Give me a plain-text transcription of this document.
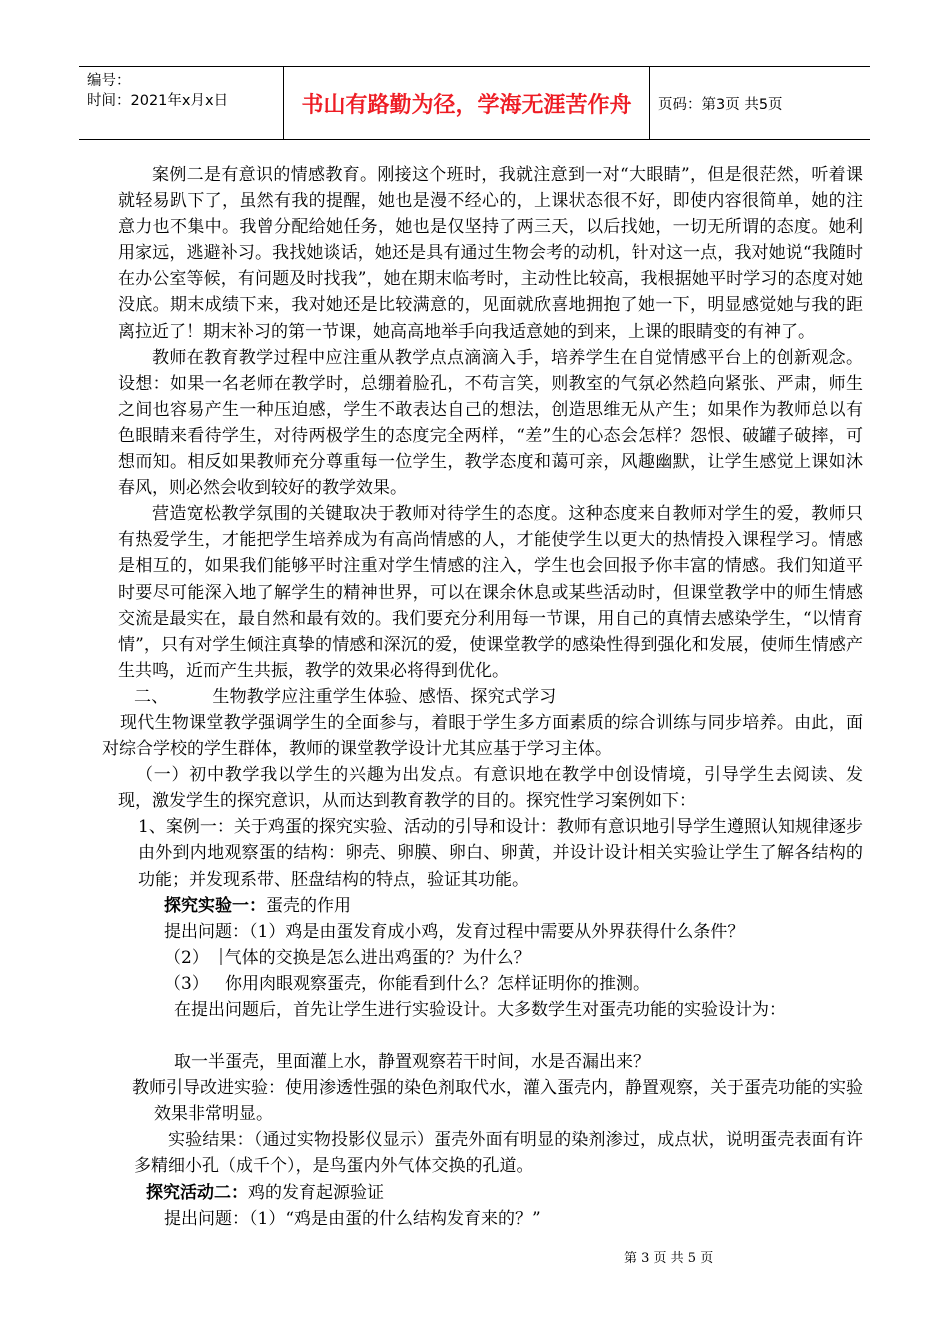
编号：
时间：2021年x月x日	书山有路勤为径，学海无涯苦作舟	页码：第3页 共5页

案例二是有意识的情感教育。刚接这个班时，我就注意到一对“大眼睛”，但是很茫然，听着课就轻易趴下了，虽然有我的提醒，她也是漫不经心的，上课状态很不好，即使内容很简单，她的注意力也不集中。我曾分配给她任务，她也是仅坚持了两三天，以后找她，一切无所谓的态度。她利用家远，逃避补习。我找她谈话，她还是具有通过生物会考的动机，针对这一点，我对她说“我随时在办公室等候，有问题及时找我”，她在期末临考时，主动性比较高，我根据她平时学习的态度对她没底。期末成绩下来，我对她还是比较满意的，见面就欣喜地拥抱了她一下，明显感觉她与我的距离拉近了！期末补习的第一节课，她高高地举手向我适意她的到来，上课的眼睛变的有神了。

教师在教育教学过程中应注重从教学点点滴滴入手，培养学生在自觉情感平台上的创新观念。设想：如果一名老师在教学时，总绷着脸孔，不苟言笑，则教室的气氛必然趋向紧张、严肃，师生之间也容易产生一种压迫感，学生不敢表达自己的想法，创造思维无从产生；如果作为教师总以有色眼睛来看待学生，对待两极学生的态度完全两样，“差”生的心态会怎样？怨恨、破罐子破摔，可想而知。相反如果教师充分尊重每一位学生，教学态度和蔼可亲，风趣幽默，让学生感觉上课如沐春风，则必然会收到较好的教学效果。

营造宽松教学氛围的关键取决于教师对待学生的态度。这种态度来自教师对学生的爱，教师只有热爱学生，才能把学生培养成为有高尚情感的人，才能使学生以更大的热情投入课程学习。情感是相互的，如果我们能够平时注重对学生情感的注入，学生也会回报予你丰富的情感。我们知道平时要尽可能深入地了解学生的精神世界，可以在课余休息或某些活动时，但课堂教学中的师生情感交流是最实在，最自然和最有效的。我们要充分利用每一节课，用自己的真情去感染学生，“以情育情”，只有对学生倾注真挚的情感和深沉的爱，使课堂教学的感染性得到强化和发展，使师生情感产生共鸣，近而产生共振，教学的效果必将得到优化。

二、	生物教学应注重学生体验、感悟、探究式学习

现代生物课堂教学强调学生的全面参与，着眼于学生多方面素质的综合训练与同步培养。由此，面对综合学校的学生群体，教师的课堂教学设计尤其应基于学习主体。

（一）初中教学我以学生的兴趣为出发点。有意识地在教学中创设情境，引导学生去阅读、发现，激发学生的探究意识，从而达到教育教学的目的。探究性学习案例如下：

1、案例一：关于鸡蛋的探究实验、活动的引导和设计：教师有意识地引导学生遵照认知规律逐步由外到内地观察蛋的结构：卵壳、卵膜、卵白、卵黄，并设计设计相关实验让学生了解各结构的功能；并发现系带、胚盘结构的特点，验证其功能。

探究实验一：蛋壳的作用

提出问题：（1）鸡是由蛋发育成小鸡，发育过程中需要从外界获得什么条件？

（2） 气体的交换是怎么进出鸡蛋的？为什么？

（3） 你用肉眼观察蛋壳，你能看到什么？怎样证明你的推测。

在提出问题后，首先让学生进行实验设计。大多数学生对蛋壳功能的实验设计为：

取一半蛋壳，里面灌上水，静置观察若干时间，水是否漏出来？

教师引导改进实验：使用渗透性强的染色剂取代水，灌入蛋壳内，静置观察，关于蛋壳功能的实验效果非常明显。

实验结果：（通过实物投影仪显示）蛋壳外面有明显的染剂渗过，成点状，说明蛋壳表面有许多精细小孔（成千个），是鸟蛋内外气体交换的孔道。

探究活动二：鸡的发育起源验证

提出问题：（1）“鸡是由蛋的什么结构发育来的？”

第 3 页 共 5 页
